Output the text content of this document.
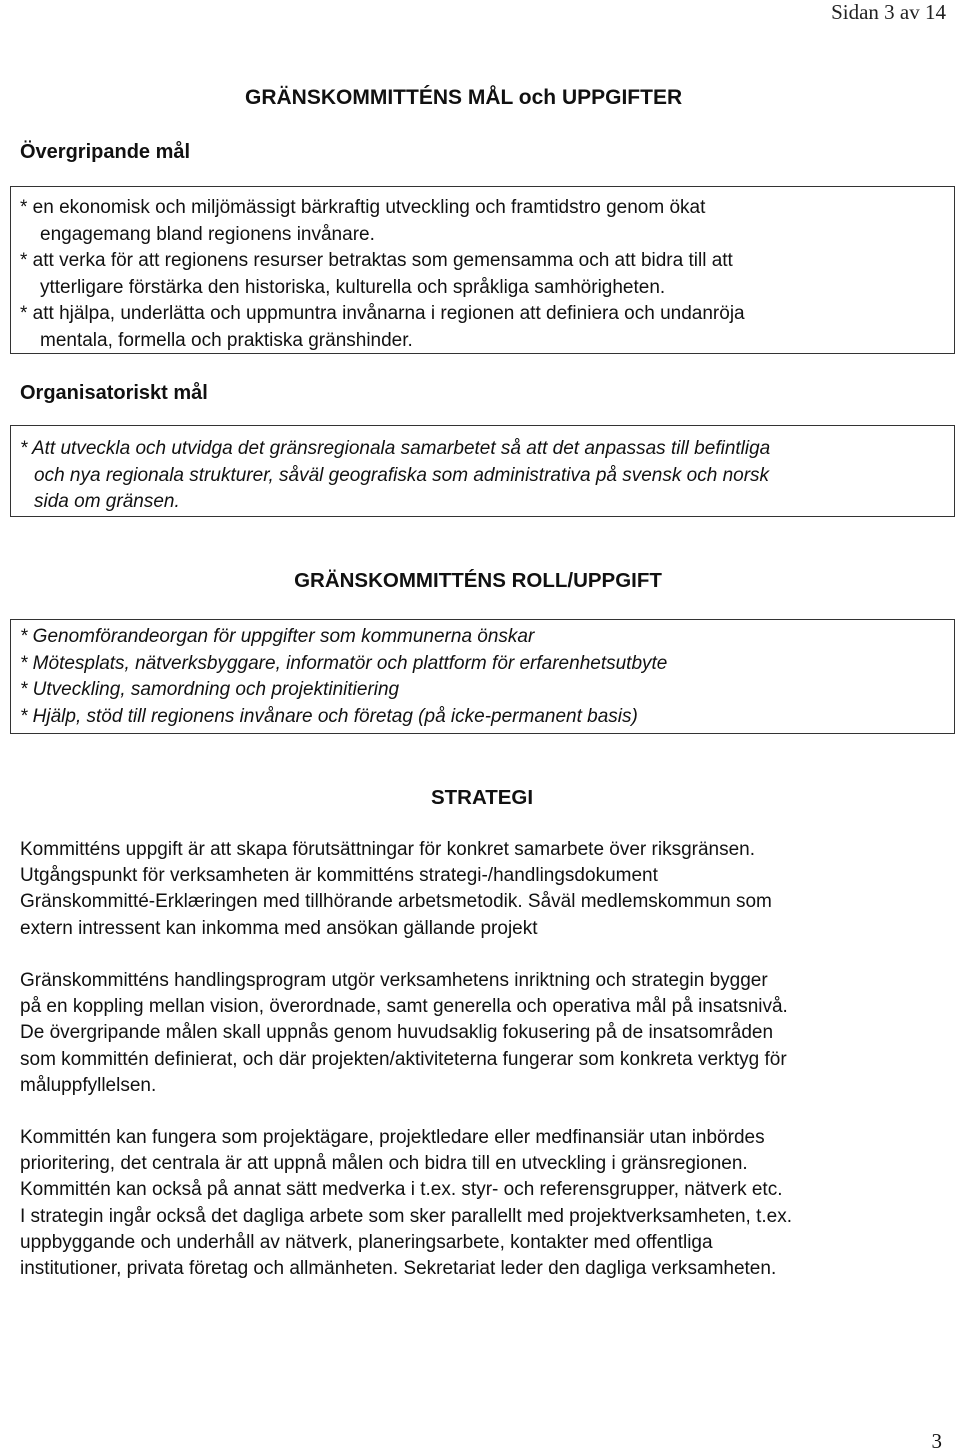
Sidan 3 av 14
GRÄNSKOMMITTÉNS MÅL och UPPGIFTER
Övergripande mål
* en ekonomisk och miljömässigt bärkraftig utveckling och framtidstro genom ökat
engagemang bland regionens invånare.
* att verka för att regionens resurser betraktas som gemensamma och att bidra till att
ytterligare förstärka den historiska, kulturella och språkliga samhörigheten.
* att hjälpa, underlätta och uppmuntra invånarna i regionen att definiera och undanröja
mentala, formella och praktiska gränshinder.
Organisatoriskt mål
* Att utveckla och utvidga det gränsregionala samarbetet så att det anpassas till befintliga
och nya regionala strukturer, såväl geografiska som administrativa på svensk och norsk
sida om gränsen.
GRÄNSKOMMITTÉNS ROLL/UPPGIFT
* Genomförandeorgan för uppgifter som kommunerna önskar
* Mötesplats, nätverksbyggare, informatör och plattform för erfarenhetsutbyte
* Utveckling, samordning och projektinitiering
* Hjälp, stöd till regionens invånare och företag (på icke-permanent basis)
STRATEGI
Kommitténs uppgift är att skapa förutsättningar för konkret samarbete över riksgränsen.
Utgångspunkt för verksamheten är kommitténs strategi-/handlingsdokument
Gränskommitté-Erklæringen med tillhörande arbetsmetodik. Såväl medlemskommun som
extern intressent kan inkomma med ansökan gällande projekt
Gränskommitténs handlingsprogram utgör verksamhetens inriktning och strategin bygger
på en koppling mellan vision, överordnade, samt generella och operativa mål på insatsnivå.
De övergripande målen skall uppnås genom huvudsaklig fokusering på de insatsområden
som kommittén definierat, och där projekten/aktiviteterna fungerar som konkreta verktyg för
måluppfyllelsen.
Kommittén kan fungera som projektägare, projektledare eller medfinansiär utan inbördes
prioritering, det centrala är att uppnå målen och bidra till en utveckling i gränsregionen.
Kommittén kan också på annat sätt medverka i t.ex. styr- och referensgrupper, nätverk etc.
I strategin ingår också det dagliga arbete som sker parallellt med projektverksamheten, t.ex.
uppbyggande och underhåll av nätverk, planeringsarbete, kontakter med offentliga
institutioner, privata företag och allmänheten. Sekretariat leder den dagliga verksamheten.
3
